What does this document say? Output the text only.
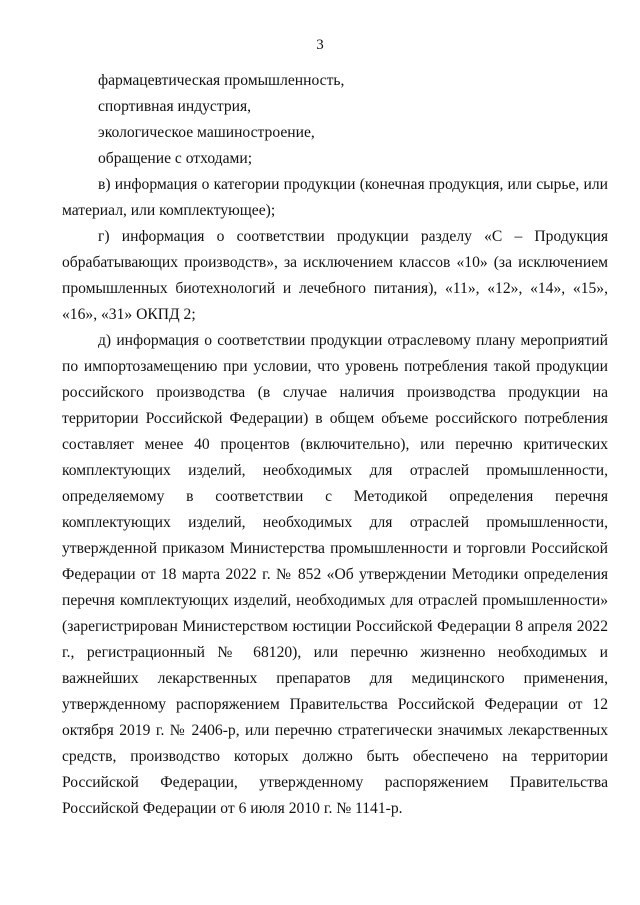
3

фармацевтическая промышленность,

спортивная индустрия,

экологическое машиностроение,

обращение с отходами;

в) информация о категории продукции (конечная продукция, или сырье, или материал, или комплектующее);

г) информация о соответствии продукции разделу «С – Продукция обрабатывающих производств», за исключением классов «10» (за исключением промышленных биотехнологий и лечебного питания), «11», «12», «14», «15», «16», «31» ОКПД 2;

д) информация о соответствии продукции отраслевому плану мероприятий по импортозамещению при условии, что уровень потребления такой продукции российского производства (в случае наличия производства продукции на территории Российской Федерации) в общем объеме российского потребления составляет менее 40 процентов (включительно), или перечню критических комплектующих изделий, необходимых для отраслей промышленности, определяемому в соответствии с Методикой определения перечня комплектующих изделий, необходимых для отраслей промышленности, утвержденной приказом Министерства промышленности и торговли Российской Федерации от 18 марта 2022 г. № 852 «Об утверждении Методики определения перечня комплектующих изделий, необходимых для отраслей промышленности» (зарегистрирован Министерством юстиции Российской Федерации 8 апреля 2022 г., регистрационный № 68120), или перечню жизненно необходимых и важнейших лекарственных препаратов для медицинского применения, утвержденному распоряжением Правительства Российской Федерации от 12 октября 2019 г. № 2406-р, или перечню стратегически значимых лекарственных средств, производство которых должно быть обеспечено на территории Российской Федерации, утвержденному распоряжением Правительства Российской Федерации от 6 июля 2010 г. № 1141-р.
